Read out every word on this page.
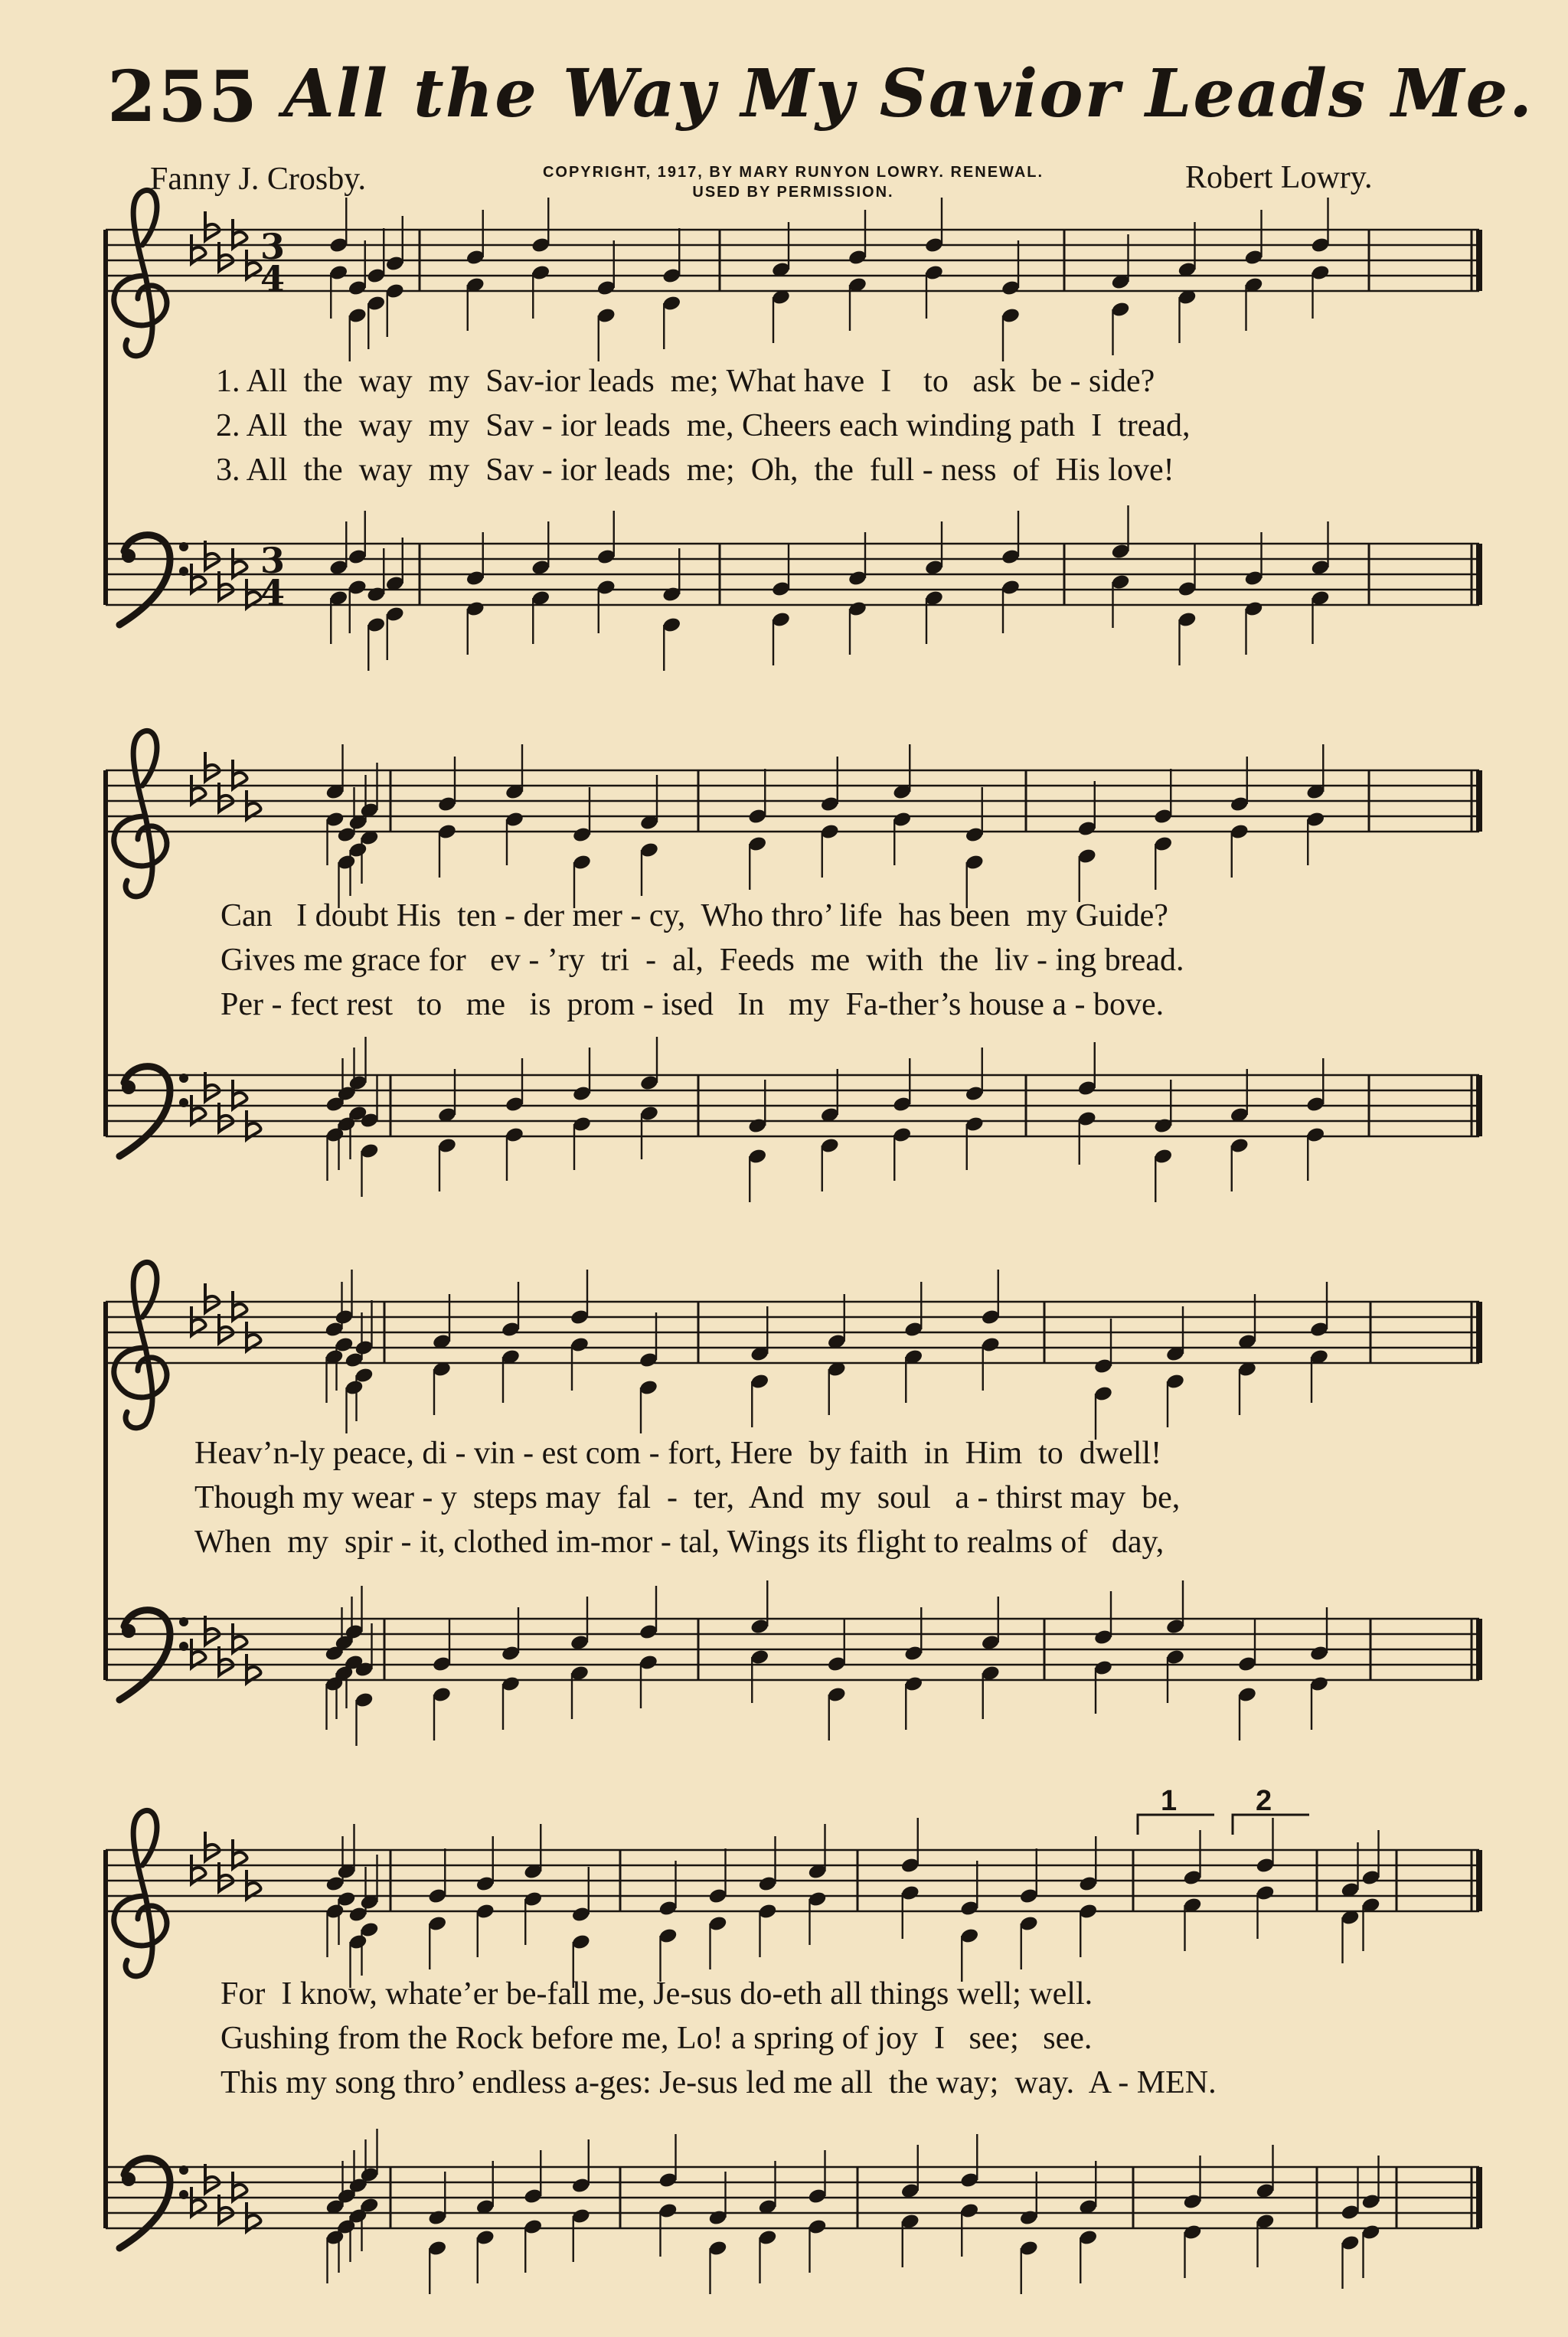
255 All the Way My Savior Leads Me.
Fanny J. Crosby.	COPYRIGHT, 1917, BY MARY RUNYON LOWRY. RENEWAL.
USED BY PERMISSION.	Robert Lowry.
3
4
3
4
1	2
1. All  the  way  my  Sav-ior leads  me; What have  I    to   ask  be - side?
2. All  the  way  my  Sav - ior leads  me, Cheers each winding path  I  tread,
3. All  the  way  my  Sav - ior leads  me;  Oh,  the  full - ness  of  His love!
Can   I doubt His  ten - der mer - cy,  Who thro’ life  has been  my Guide?
Gives me grace for   ev - ’ry  tri  -  al,  Feeds  me  with  the  liv - ing bread.
Per - fect rest   to   me   is  prom - ised   In   my  Fa-ther’s house a - bove.
Heav’n-ly peace, di - vin - est com - fort, Here  by faith  in  Him  to  dwell!
Though my wear - y  steps may  fal  -  ter,  And  my  soul   a - thirst may  be,
When  my  spir - it, clothed im-mor - tal, Wings its flight to realms of   day,
For  I know, whate’er be-fall me, Je-sus do-eth all things well; well.
Gushing from the Rock before me, Lo! a spring of joy  I   see;   see.
This my song thro’ endless a-ges: Je-sus led me all  the way;  way.  A - MEN.
